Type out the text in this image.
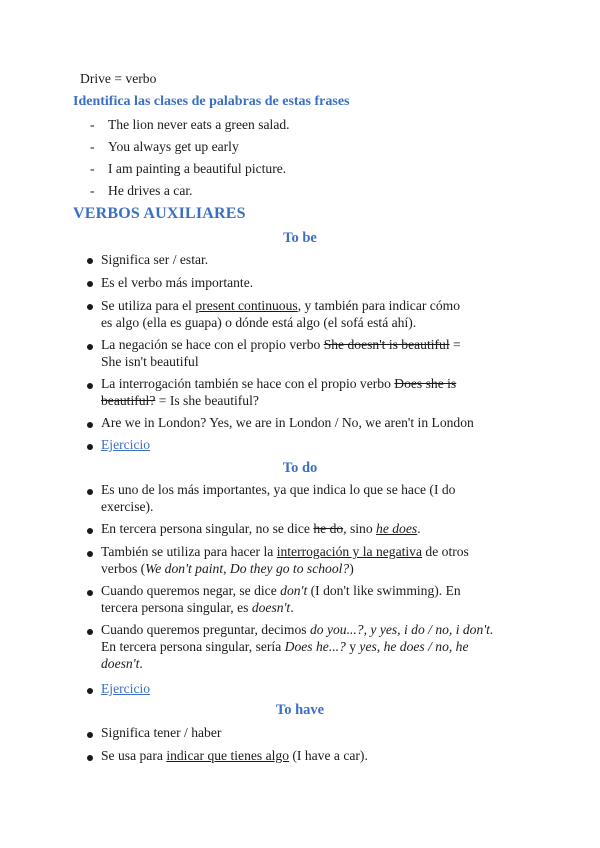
Drive = verbo
Identifica las clases de palabras de estas frases
- The lion never eats a green salad.
- You always get up early
- I am painting a beautiful picture.
- He drives a car.
VERBOS AUXILIARES
To be
Significa ser / estar.
Es el verbo más importante.
Se utiliza para el present continuous, y también para indicar cómo
es algo (ella es guapa) o dónde está algo (el sofá está ahí).
La negación se hace con el propio verbo She doesn't is beautiful =
She isn't beautiful
La interrogación también se hace con el propio verbo Does she is
beautiful? = Is she beautiful?
Are we in London? Yes, we are in London / No, we aren't in London
Ejercicio
To do
Es uno de los más importantes, ya que indica lo que se hace (I do
exercise).
En tercera persona singular, no se dice he do, sino he does.
También se utiliza para hacer la interrogación y la negativa de otros
verbos (We don't paint, Do they go to school?)
Cuando queremos negar, se dice don't (I don't like swimming). En
tercera persona singular, es doesn't.
Cuando queremos preguntar, decimos do you...?, y yes, i do / no, i don't.
En tercera persona singular, sería Does he...? y yes, he does / no, he
doesn't.
Ejercicio
To have
Significa tener / haber
Se usa para indicar que tienes algo (I have a car).
